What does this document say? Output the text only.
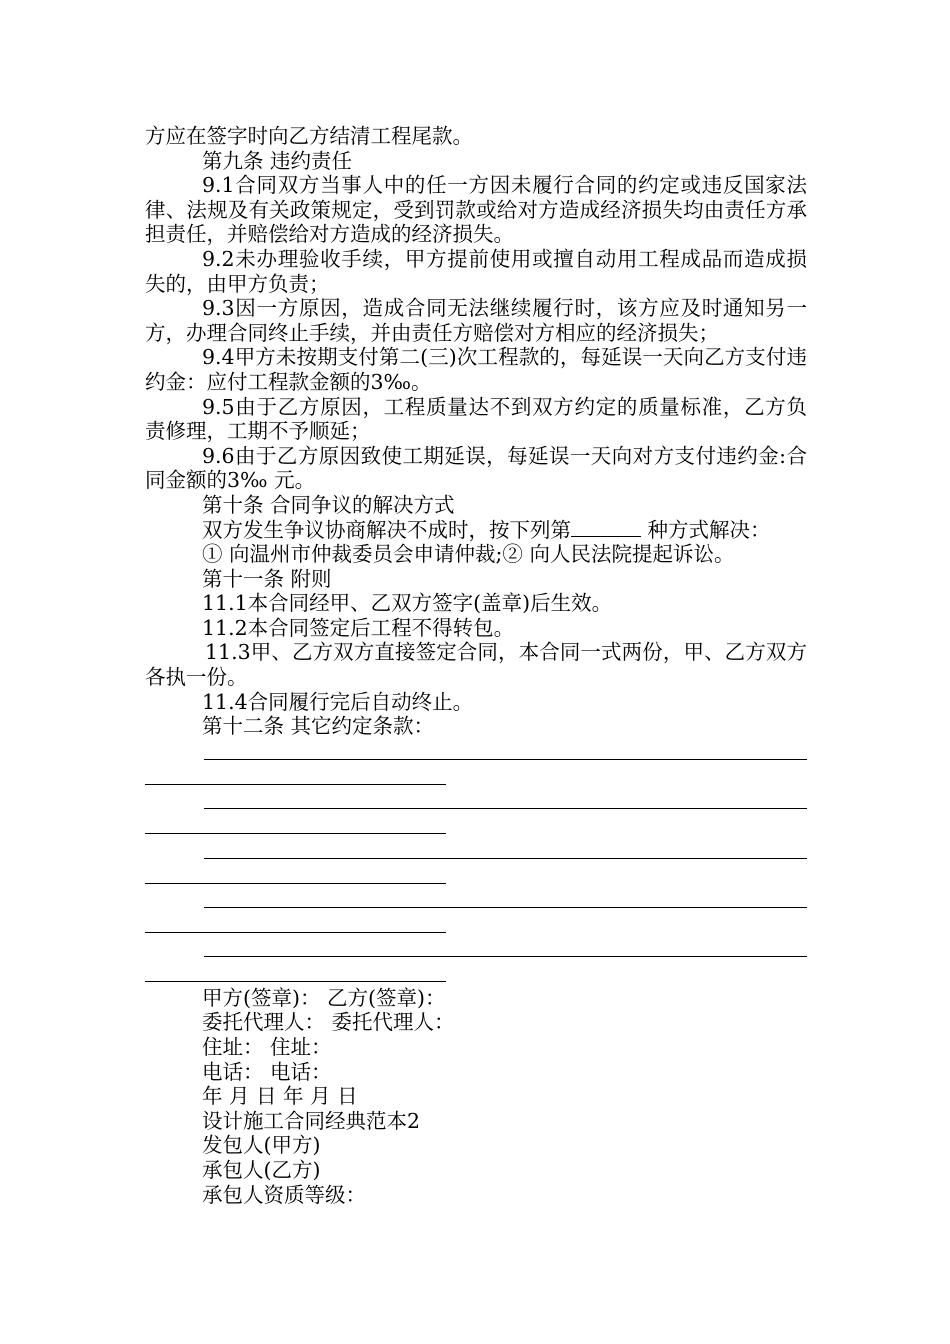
方应在签字时向乙方结清工程尾款。
第九条 违约责任
9.1合同双方当事人中的任一方因未履行合同的约定或违反国家法律、法规及有关政策规定，受到罚款或给对方造成经济损失均由责任方承担责任，并赔偿给对方造成的经济损失。
9.2未办理验收手续，甲方提前使用或擅自动用工程成品而造成损失的，由甲方负责；
9.3因一方原因，造成合同无法继续履行时，该方应及时通知另一方，办理合同终止手续，并由责任方赔偿对方相应的经济损失；
9.4甲方未按期支付第二(三)次工程款的，每延误一天向乙方支付违约金：应付工程款金额的3‰。
9.5由于乙方原因，工程质量达不到双方约定的质量标准，乙方负责修理，工期不予顺延；
9.6由于乙方原因致使工期延误，每延误一天向对方支付违约金:合同金额的3‰ 元。
第十条 合同争议的解决方式
双方发生争议协商解决不成时，按下列第	种方式解决：
① 向温州市仲裁委员会申请仲裁;② 向人民法院提起诉讼。
第十一条 附则
11.1本合同经甲、乙双方签字(盖章)后生效。
11.2本合同签定后工程不得转包。
11.3甲、乙方双方直接签定合同，本合同一式两份，甲、乙方双方各执一份。
11.4合同履行完后自动终止。
第十二条 其它约定条款：
甲方(签章)： 乙方(签章)：
委托代理人： 委托代理人：
住址： 住址：
电话： 电话：
年 月 日 年 月 日
设计施工合同经典范本2
发包人(甲方)
承包人(乙方)
承包人资质等级：
